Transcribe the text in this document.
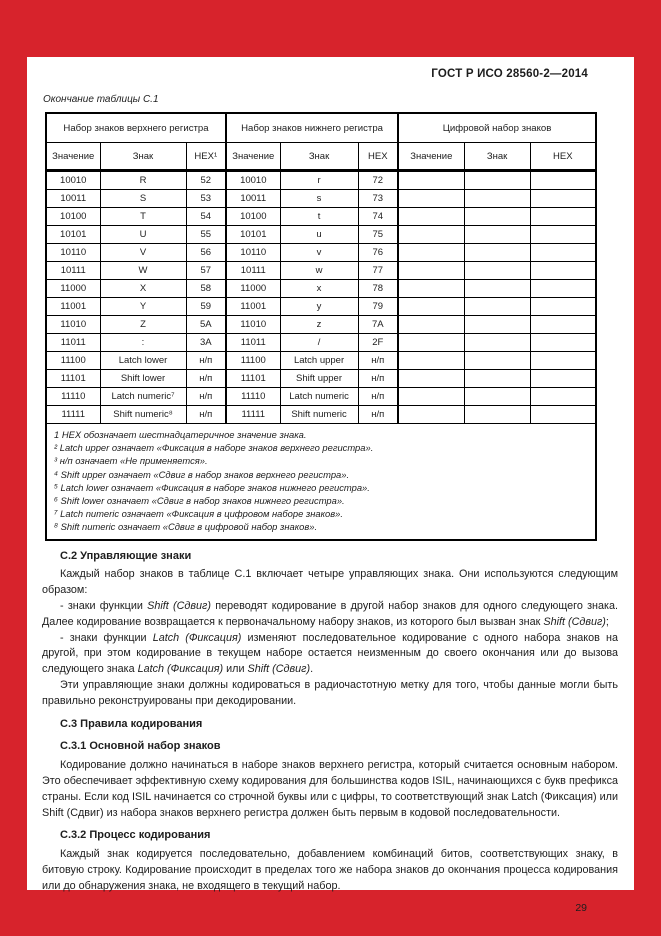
ГОСТ Р ИСО 28560-2—2014
Окончание таблицы С.1
Набор знаков верхнего регистра			Набор знаков нижнего регистра			Цифровой набор знаков		
Значение	Знак	HEX¹	Значение	Знак	HEX	Значение	Знак	HEX
10010	R	52	10010	r	72			
10011	S	53	10011	s	73			
10100	T	54	10100	t	74			
10101	U	55	10101	u	75			
10110	V	56	10110	v	76			
10111	W	57	10111	w	77			
11000	X	58	11000	x	78			
11001	Y	59	11001	y	79			
11010	Z	5A	11010	z	7A			
11011	:	3A	11011	/	2F			
11100	Latch lower	н/п	11100	Latch upper	н/п			
11101	Shift lower	н/п	11101	Shift upper	н/п			
11110	Latch numeric⁷	н/п	11110	Latch numeric	н/п			
11111	Shift numeric⁸	н/п	11111	Shift numeric	н/п			

1 HEX обозначает шестнадцатеричное значение знака.
² Latch upper означает «Фиксация в наборе знаков верхнего регистра».
³ н/п означает «Не применяется».
⁴ Shift upper означает «Сдвиг в набор знаков верхнего регистра».
⁵ Latch lower означает «Фиксация в наборе знаков нижнего регистра».
⁶ Shift lower означает «Сдвиг в набор знаков нижнего регистра».
⁷ Latch numeric означает «Фиксация в цифровом наборе знаков».
⁸ Shift numeric означает «Сдвиг в цифровой набор знаков».
С.2 Управляющие знаки

Каждый набор знаков в таблице С.1 включает четыре управляющих знака. Они используются следующим образом:

- знаки функции Shift (Сдвиг) переводят кодирование в другой набор знаков для одного следующего знака. Далее кодирование возвращается к первоначальному набору знаков, из которого был вызван знак Shift (Сдвиг);

- знаки функции Latch (Фиксация) изменяют последовательное кодирование с одного набора знаков на другой, при этом кодирование в текущем наборе остается неизменным до своего окончания или до вызова следующего знака Latch (Фиксация) или Shift (Сдвиг).

Эти управляющие знаки должны кодироваться в радиочастотную метку для того, чтобы данные могли быть правильно реконструированы при декодировании.

С.3 Правила кодирования
С.3.1 Основной набор знаков

Кодирование должно начинаться в наборе знаков верхнего регистра, который считается основным набором. Это обеспечивает эффективную схему кодирования для большинства кодов ISIL, начинающихся с букв префикса страны. Если код ISIL начинается со строчной буквы или с цифры, то соответствующий знак Latch (Фиксация) или Shift (Сдвиг) из набора знаков верхнего регистра должен быть первым в кодовой последовательности.

С.3.2 Процесс кодирования

Каждый знак кодируется последовательно, добавлением комбинаций битов, соответствующих знаку, в битовую строку. Кодирование происходит в пределах того же набора знаков до окончания процесса кодирования или до обнаружения знака, не входящего в текущий набор.

29
